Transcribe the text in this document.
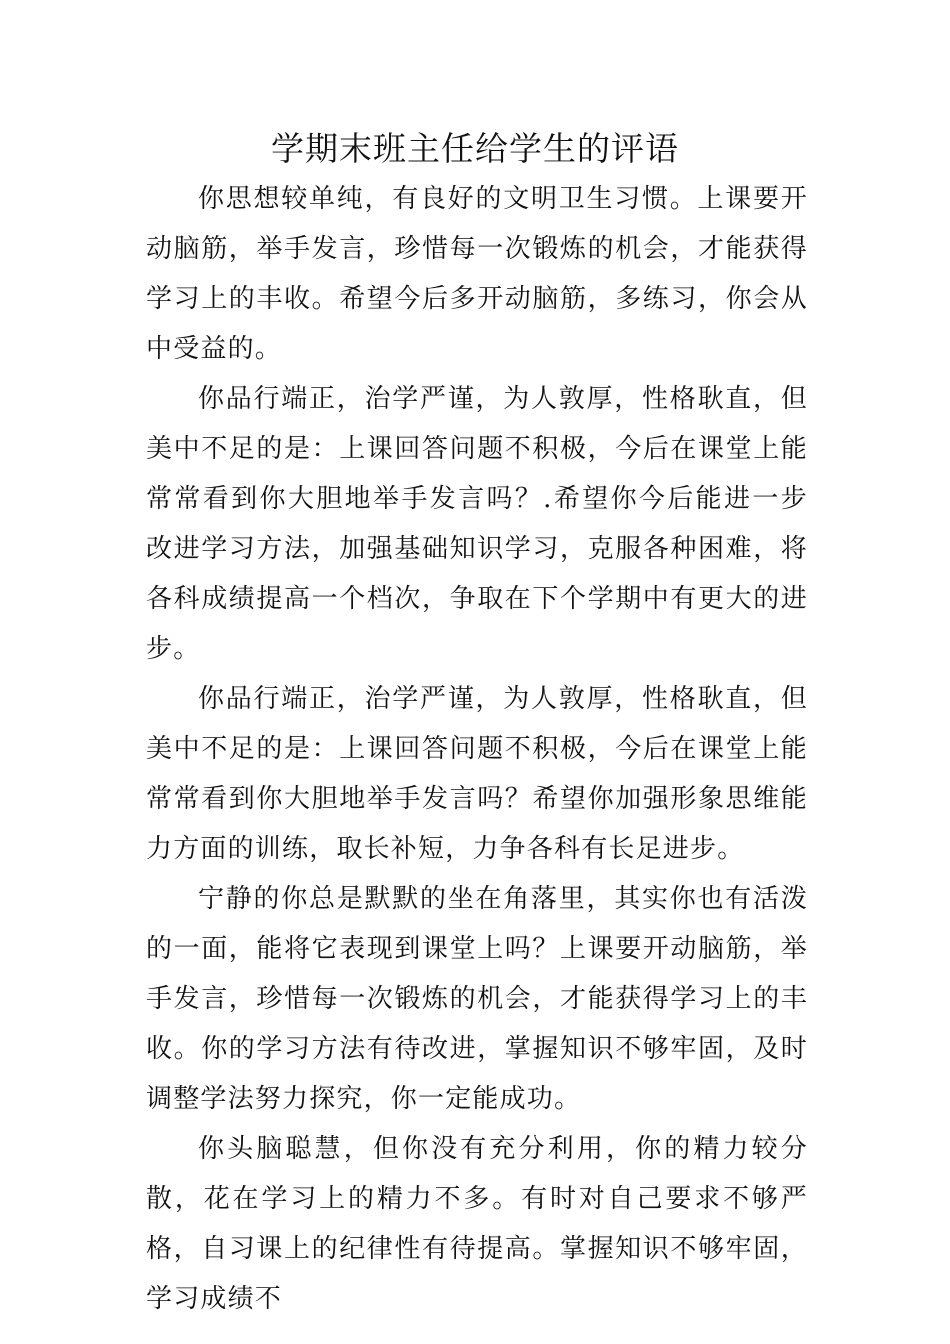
学期末班主任给学生的评语

你思想较单纯，有良好的文明卫生习惯。上课要开动脑筋，举手发言，珍惜每一次锻炼的机会，才能获得学习上的丰收。希望今后多开动脑筋，多练习，你会从中受益的。

你品行端正，治学严谨，为人敦厚，性格耿直，但美中不足的是：上课回答问题不积极，今后在课堂上能常常看到你大胆地举手发言吗？.希望你今后能进一步改进学习方法，加强基础知识学习，克服各种困难，将各科成绩提高一个档次，争取在下个学期中有更大的进步。

你品行端正，治学严谨，为人敦厚，性格耿直，但美中不足的是：上课回答问题不积极，今后在课堂上能常常看到你大胆地举手发言吗？希望你加强形象思维能力方面的训练，取长补短，力争各科有长足进步。

宁静的你总是默默的坐在角落里，其实你也有活泼的一面，能将它表现到课堂上吗？上课要开动脑筋，举手发言，珍惜每一次锻炼的机会，才能获得学习上的丰收。你的学习方法有待改进，掌握知识不够牢固，及时调整学法努力探究，你一定能成功。

你头脑聪慧，但你没有充分利用，你的精力较分散，花在学习上的精力不多。有时对自己要求不够严格，自习课上的纪律性有待提高。掌握知识不够牢固，学习成绩不
